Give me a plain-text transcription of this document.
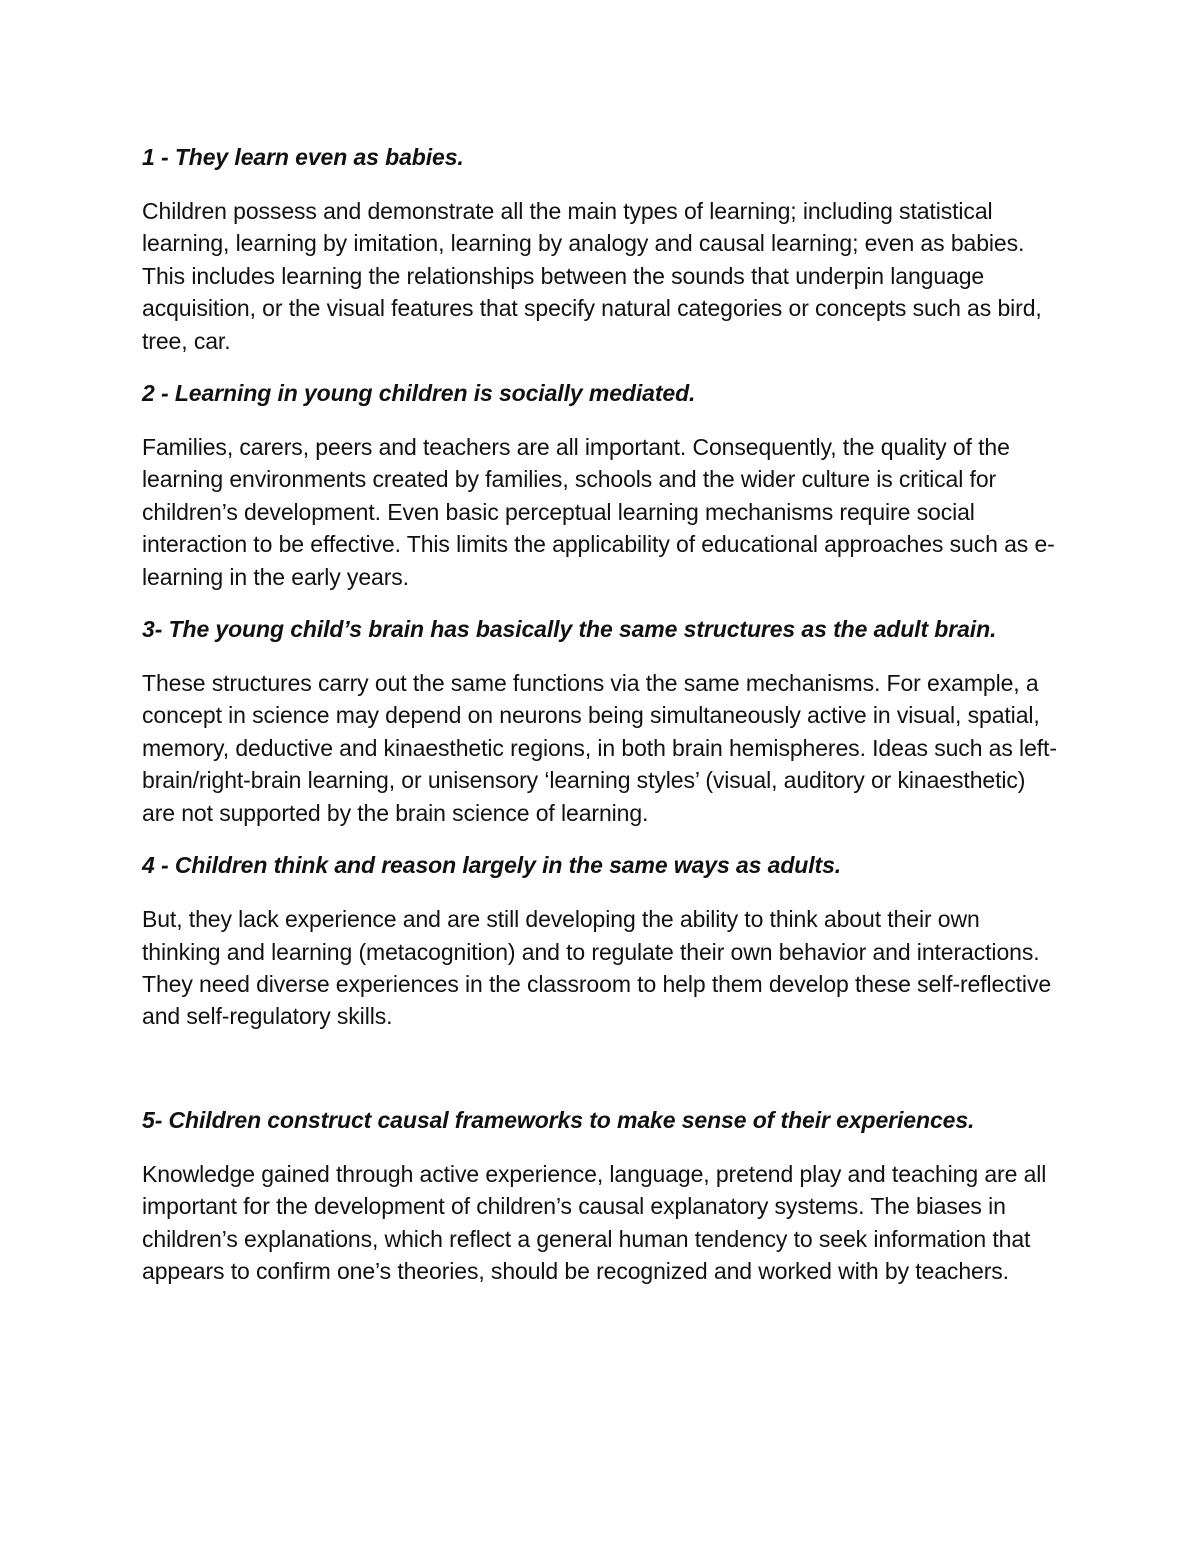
1 - They learn even as babies.

Children possess and demonstrate all the main types of learning; including statistical learning, learning by imitation, learning by analogy and causal learning; even as babies. This includes learning the relationships between the sounds that underpin language acquisition, or the visual features that specify natural categories or concepts such as bird, tree, car.

2 - Learning in young children is socially mediated.

Families, carers, peers and teachers are all important. Consequently, the quality of the learning environments created by families, schools and the wider culture is critical for children’s development. Even basic perceptual learning mechanisms require social interaction to be effective. This limits the applicability of educational approaches such as e-learning in the early years.

3- The young child’s brain has basically the same structures as the adult brain.

These structures carry out the same functions via the same mechanisms. For example, a concept in science may depend on neurons being simultaneously active in visual, spatial, memory, deductive and kinaesthetic regions, in both brain hemispheres. Ideas such as left-brain/right-brain learning, or unisensory ‘learning styles’ (visual, auditory or kinaesthetic) are not supported by the brain science of learning.

4 - Children think and reason largely in the same ways as adults.

But, they lack experience and are still developing the ability to think about their own thinking and learning (metacognition) and to regulate their own behavior and interactions. They need diverse experiences in the classroom to help them develop these self-reflective and self-regulatory skills.

5- Children construct causal frameworks to make sense of their experiences.

Knowledge gained through active experience, language, pretend play and teaching are all important for the development of children’s causal explanatory systems. The biases in children’s explanations, which reflect a general human tendency to seek information that appears to confirm one’s theories, should be recognized and worked with by teachers.
